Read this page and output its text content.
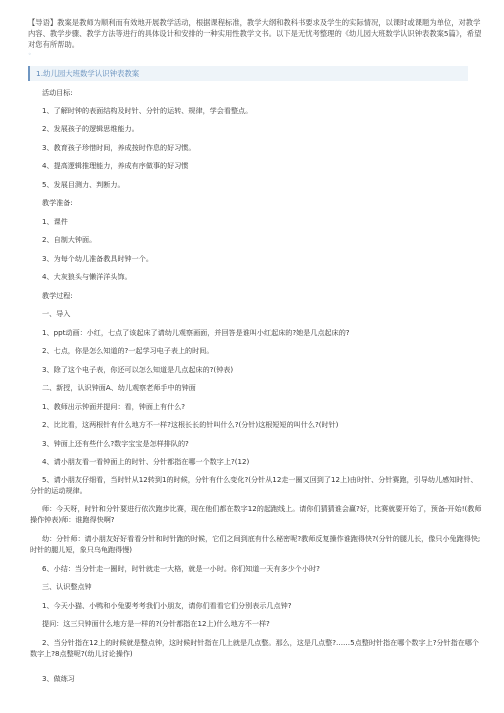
【导语】教案是教师为顺利而有效地开展教学活动，根据课程标准，教学大纲和教科书要求及学生的实际情况，以课时或课题为单位，对教学内容、教学步骤、教学方法等进行的具体设计和安排的一种实用性教学文书。以下是无忧考整理的《幼儿园大班数学认识钟表教案5篇》，希望对您有所帮助。

◦
1.幼儿园大班数学认识钟表教案

活动目标:

1、了解时钟的表面结构及时针、分针的运转、规律，学会看整点。

2、发展孩子的逻辑思维能力。

3、教育孩子珍惜时间，养成按时作息的好习惯。

4、提高逻辑推理能力，养成有序做事的好习惯

5、发展目测力、判断力。

教学准备:

1、课件

2、自制大钟面。

3、为每个幼儿准备教具时钟一个。

4、大灰狼头与懒洋洋头饰。

教学过程:

一、导入

1、ppt动画：小红，七点了该起床了请幼儿观察画面，并回答是谁叫小红起床的?她是几点起床的?

2、七点，你是怎么知道的?一起学习电子表上的时间。

3、除了这个电子表，你还可以怎么知道是几点起床的?(钟表)

二、新授，认识钟面A、幼儿观察老师手中的钟面

1、教师出示钟面并提问：看，钟面上有什么?

2、比比看，这两根针有什么地方不一样?这根长长的针叫什么?(分针)这根短短的叫什么?(时针)

3、钟面上还有些什么?数字宝宝是怎样排队的?

4、请小朋友看一看钟面上的时针、分针都指在哪一个数字上?(12)

5、请小朋友仔细看，当时针从12转到1的时候，分针有什么变化?(分针从12走一圈又回到了12上)由时针、分针赛跑，引导幼儿感知时针、分针的运动规律。

师：今天呀，时针和分针要进行依次跑步比赛，现在他们都在数字12的起跑线上。请你们猜猜谁会赢?好，比赛就要开始了，预备-开始!(教师操作钟表)师：谁跑得快啊?

幼：分针师：请小朋友好好看看分针和时针跑的时候，它们之间到底有什么秘密呢?教师反复操作谁跑得快?(分针的腿儿长，像只小兔跑得快;时针的腿儿短，象只乌龟跑得慢)

6、小结：当分针走一圈时，时针就走一大格，就是一小时。你们知道一天有多少个小时?

三、认识整点钟

1、今天小猫、小鸭和小兔要考考我们小朋友，请你们看看它们分别表示几点钟?

提问：这三只钟面什么地方是一样的?(分针都指在12上)什么地方不一样?

2、当分针指在12上的时候就是整点钟，这时候时针指在几上就是几点整。那么，这是几点整?……5点整时针指在哪个数字上?分针指在哪个数字上?8点整呢?(幼儿讨论操作)

3、做练习
